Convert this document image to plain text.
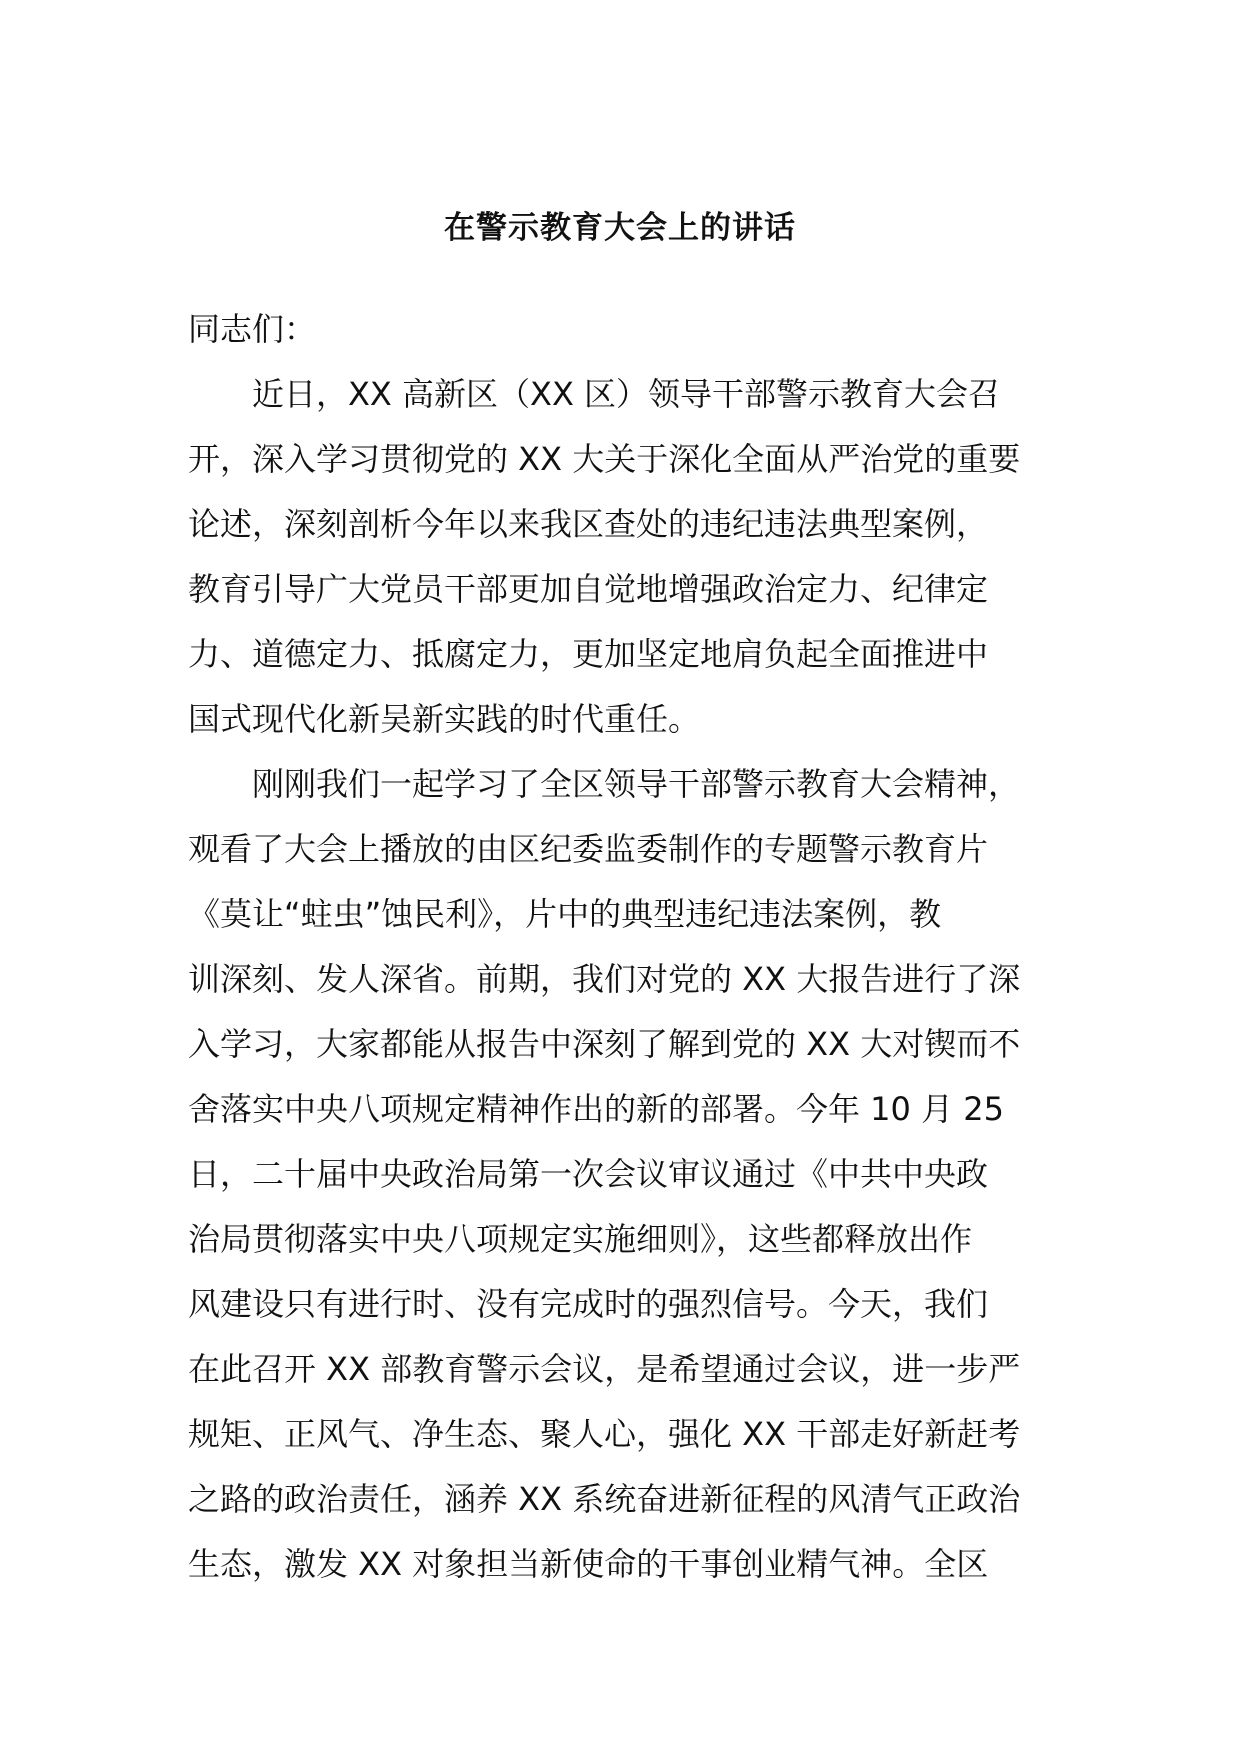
在警示教育大会上的讲话

同志们：

　　近日，XX 高新区（XX 区）领导干部警示教育大会召
开，深入学习贯彻党的 XX 大关于深化全面从严治党的重要
论述，深刻剖析今年以来我区查处的违纪违法典型案例，
教育引导广大党员干部更加自觉地增强政治定力、纪律定
力、道德定力、抵腐定力，更加坚定地肩负起全面推进中
国式现代化新吴新实践的时代重任。
　　刚刚我们一起学习了全区领导干部警示教育大会精神，
观看了大会上播放的由区纪委监委制作的专题警示教育片
《莫让“蛀虫”蚀民利》，片中的典型违纪违法案例，教
训深刻、发人深省。前期，我们对党的 XX 大报告进行了深
入学习，大家都能从报告中深刻了解到党的 XX 大对锲而不
舍落实中央八项规定精神作出的新的部署。今年 10 月 25
日，二十届中央政治局第一次会议审议通过《中共中央政
治局贯彻落实中央八项规定实施细则》，这些都释放出作
风建设只有进行时、没有完成时的强烈信号。今天，我们
在此召开 XX 部教育警示会议，是希望通过会议，进一步严
规矩、正风气、净生态、聚人心，强化 XX 干部走好新赶考
之路的政治责任，涵养 XX 系统奋进新征程的风清气正政治
生态，激发 XX 对象担当新使命的干事创业精气神。全区
